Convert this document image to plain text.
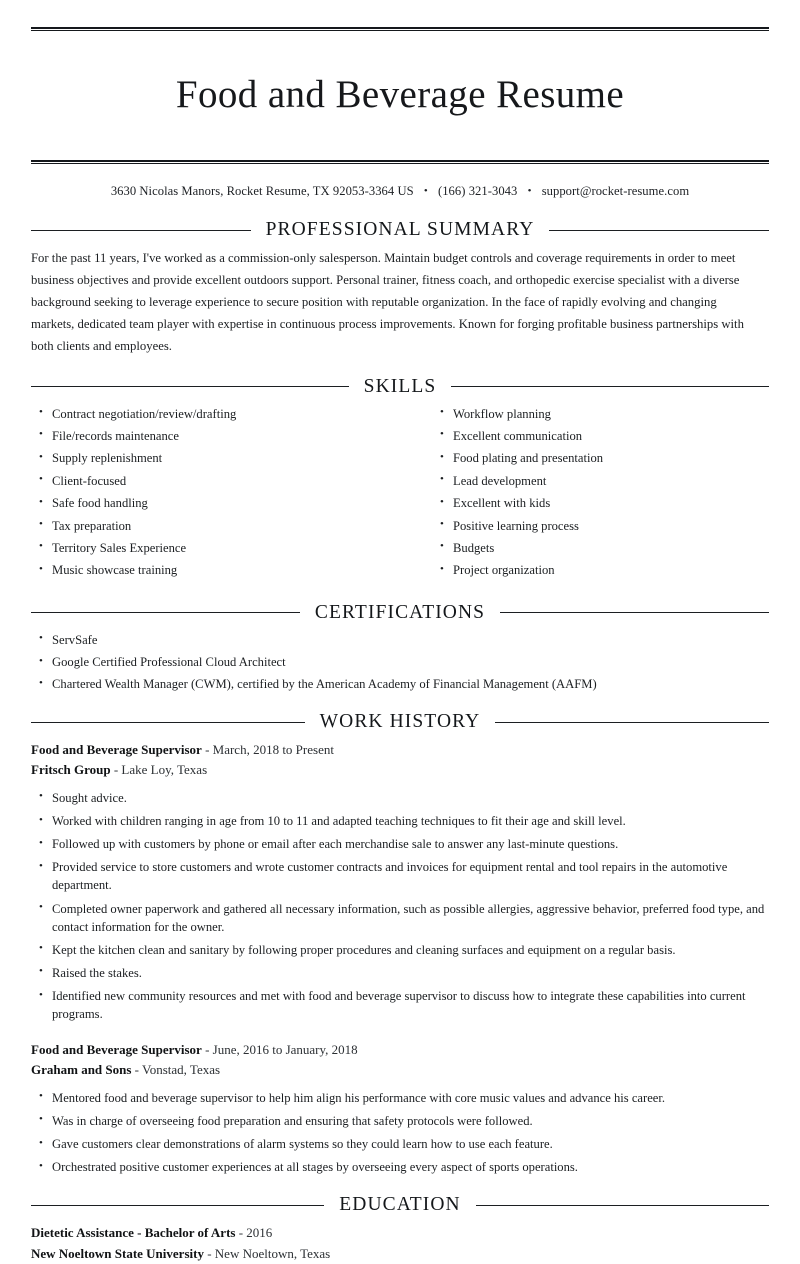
Food and Beverage Resume
3630 Nicolas Manors, Rocket Resume, TX 92053-3364 US • (166) 321-3043 • support@rocket-resume.com
PROFESSIONAL SUMMARY

For the past 11 years, I've worked as a commission-only salesperson. Maintain budget controls and coverage requirements in order to meet business objectives and provide excellent outdoors support. Personal trainer, fitness coach, and orthopedic exercise specialist with a diverse background seeking to leverage experience to secure position with reputable organization. In the face of rapidly evolving and changing markets, dedicated team player with expertise in continuous process improvements. Known for forging profitable business partnerships with both clients and employees.

SKILLS
• Contract negotiation/review/drafting
• File/records maintenance
• Supply replenishment
• Client-focused
• Safe food handling
• Tax preparation
• Territory Sales Experience
• Music showcase training
• Workflow planning
• Excellent communication
• Food plating and presentation
• Lead development
• Excellent with kids
• Positive learning process
• Budgets
• Project organization
CERTIFICATIONS
• ServSafe
• Google Certified Professional Cloud Architect
• Chartered Wealth Manager (CWM), certified by the American Academy of Financial Management (AAFM)
WORK HISTORY
Food and Beverage Supervisor - March, 2018 to Present
Fritsch Group - Lake Loy, Texas
• Sought advice.
• Worked with children ranging in age from 10 to 11 and adapted teaching techniques to fit their age and skill level.
• Followed up with customers by phone or email after each merchandise sale to answer any last-minute questions.
• Provided service to store customers and wrote customer contracts and invoices for equipment rental and tool repairs in the automotive department.
• Completed owner paperwork and gathered all necessary information, such as possible allergies, aggressive behavior, preferred food type, and contact information for the owner.
• Kept the kitchen clean and sanitary by following proper procedures and cleaning surfaces and equipment on a regular basis.
• Raised the stakes.
• Identified new community resources and met with food and beverage supervisor to discuss how to integrate these capabilities into current programs.
Food and Beverage Supervisor - June, 2016 to January, 2018
Graham and Sons - Vonstad, Texas
• Mentored food and beverage supervisor to help him align his performance with core music values and advance his career.
• Was in charge of overseeing food preparation and ensuring that safety protocols were followed.
• Gave customers clear demonstrations of alarm systems so they could learn how to use each feature.
• Orchestrated positive customer experiences at all stages by overseeing every aspect of sports operations.
EDUCATION
Dietetic Assistance - Bachelor of Arts - 2016
New Noeltown State University - New Noeltown, Texas
